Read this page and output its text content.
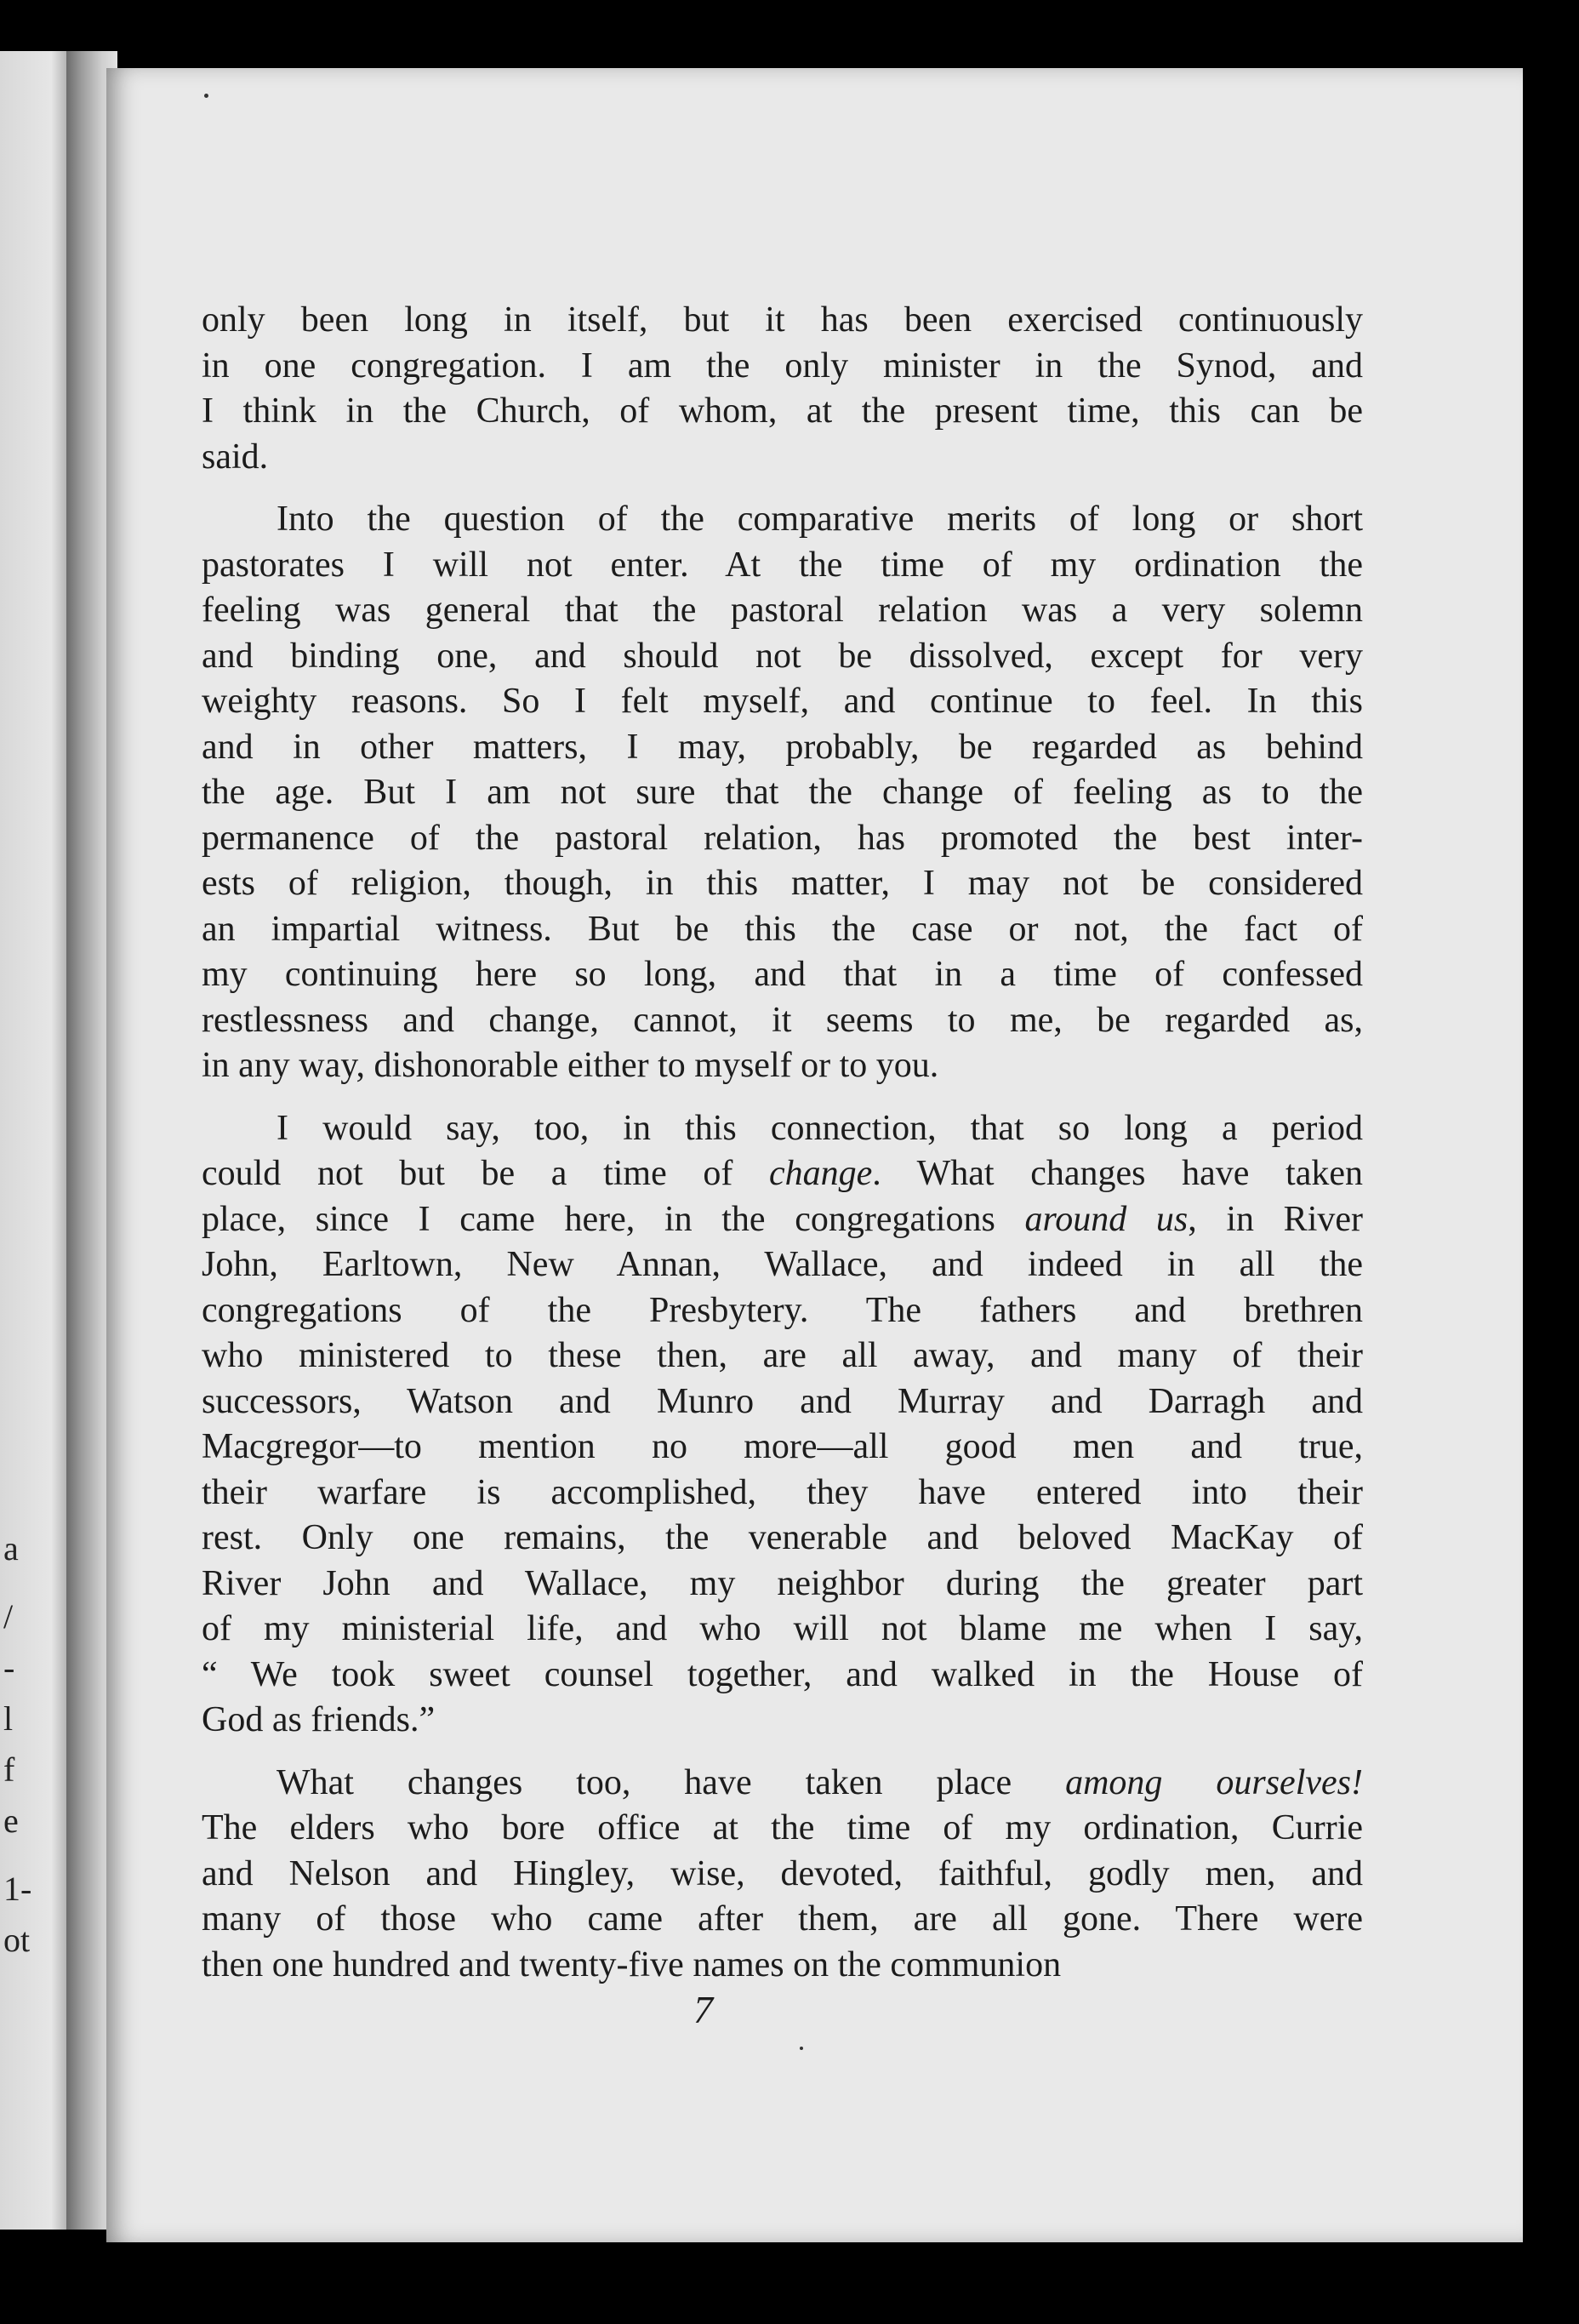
a
/
-
l
f
e
1-
ot

only been long in itself, but it has been exercised continuously
in one congregation. I am the only minister in the Synod, and
I think in the Church, of whom, at the present time, this can be
said.

Into the question of the comparative merits of long or short
pastorates I will not enter. At the time of my ordination the
feeling was general that the pastoral relation was a very solemn
and binding one, and should not be dissolved, except for very
weighty reasons. So I felt myself, and continue to feel. In this
and in other matters, I may, probably, be regarded as behind
the age. But I am not sure that the change of feeling as to the
permanence of the pastoral relation, has promoted the best inter-
ests of religion, though, in this matter, I may not be considered
an impartial witness. But be this the case or not, the fact of
my continuing here so long, and that in a time of confessed
restlessness and change, cannot, it seems to me, be regarded as,
in any way, dishonorable either to myself or to you.

I would say, too, in this connection, that so long a period
could not but be a time of change. What changes have taken
place, since I came here, in the congregations around us, in River
John, Earltown, New Annan, Wallace, and indeed in all the
congregations of the Presbytery. The fathers and brethren
who ministered to these then, are all away, and many of their
successors, Watson and Munro and Murray and Darragh and
Macgregor—to mention no more—all good men and true,
their warfare is accomplished, they have entered into their
rest. Only one remains, the venerable and beloved MacKay of
River John and Wallace, my neighbor during the greater part
of my ministerial life, and who will not blame me when I say,
“ We took sweet counsel together, and walked in the House of
God as friends.”

What changes too, have taken place among ourselves!
The elders who bore office at the time of my ordination, Currie
and Nelson and Hingley, wise, devoted, faithful, godly men, and
many of those who came after them, are all gone. There were
then one hundred and twenty-five names on the communion

7
